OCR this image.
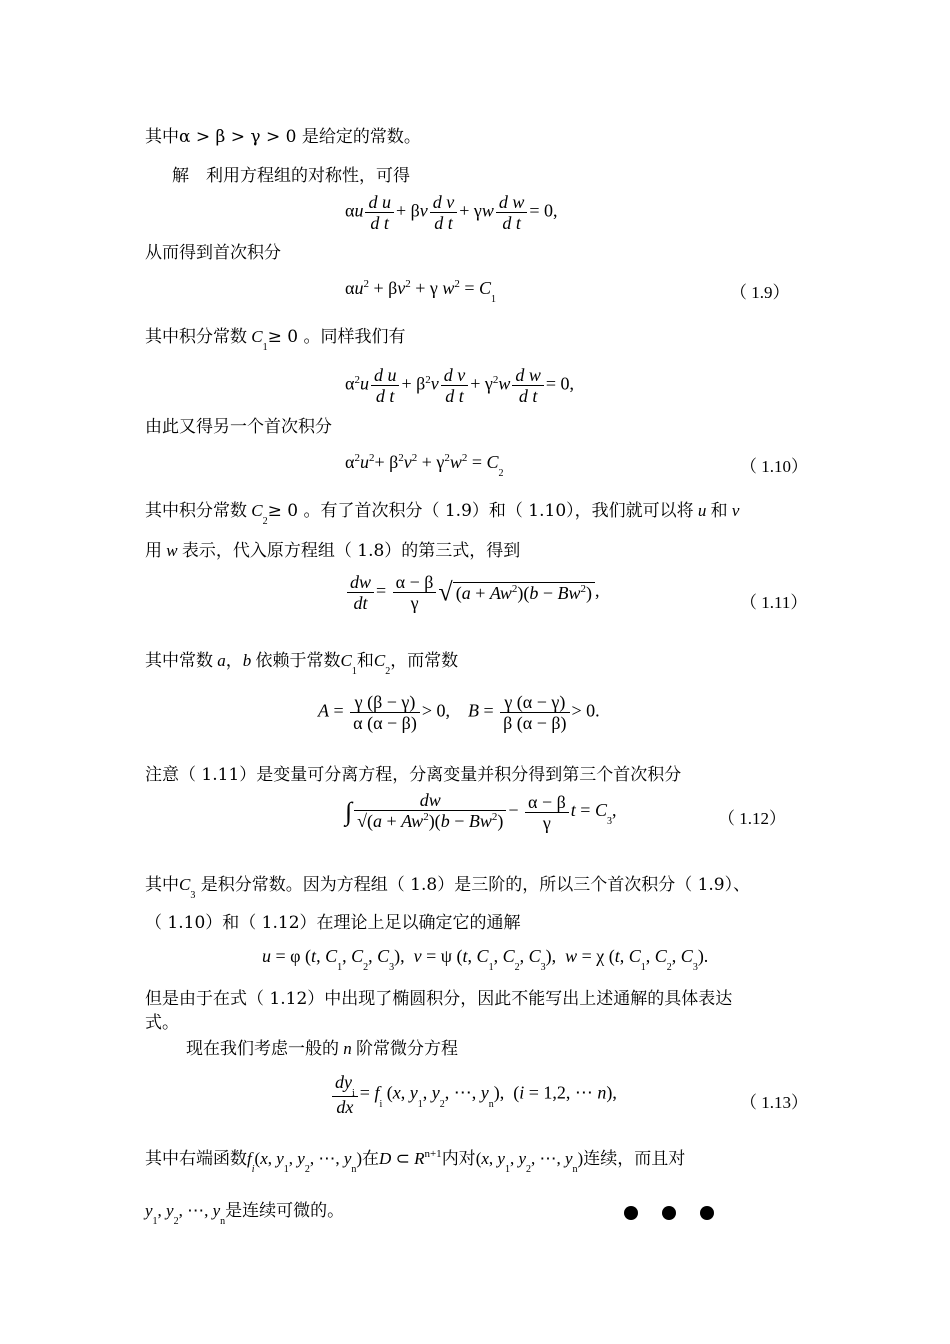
其中α > β > γ > 0 是给定的常数。
解　利用方程组的对称性，可得
αu $\frac{\text{d u}}{\text{d t}} + \beta v \frac{\text{d v}}{\text{d t}} + \gamma w \frac{\text{d w}}{\text{d t}} = 0$,
从而得到首次积分
$\alpha u^2 + \beta v^2 + \gamma$ $w^2 = C_1$	（ 1.9）
其中积分常数 $C_1\ge 0$ 。同样我们有
$\alpha^2u \frac{\text{d u}}{\text{d t}} + \beta^2v \frac{\text{d v}}{\text{d t}} + \gamma^2w \frac{\text{d w}}{\text{d t}} = 0$,
由此又得另一个首次积分
$\alpha^2u^2+ \beta^2v^2 + \gamma^2w^2 = C_2$	（ 1.10）
其中积分常数 $C_2\ge 0$ 。有了首次积分（ 1.9）和（ 1.10），我们就可以将 u 和 v
用 w 表示，代入原方程组（ 1.8）的第三式，得到
$\frac{dw}{dt} = \frac{\alpha - \beta}{\gamma}$ √ $(a + Aw^2)(b - Bw^2)$ ,
（ 1.11）
其中常数 a，b 依赖于常数$C_1$和$C_2$，而常数
$A = \frac{\gamma (\beta - \gamma)}{\alpha (\alpha - \beta)} > 0$,    $B = \frac{\gamma (\alpha - \gamma)}{\beta (\alpha - \beta)} > 0$.
注意（ 1.11）是变量可分离方程，分离变量并积分得到第三个首次积分
∫ $\frac{dw}{√(a + Aw^2)(b - Bw^2)} - \frac{\alpha - \beta}{\gamma}$ $t = C_3$,	（ 1.12）
其中$C_3$ 是积分常数。因为方程组（ 1.8）是三阶的，所以三个首次积分（ 1.9）、
（ 1.10）和（ 1.12）在理论上足以确定它的通解
u = φ (t, $C_1$, $C_2$, $C_3$),  v = ψ (t, $C_1$, $C_2$, $C_3$),  w = χ (t, $C_1$, $C_2$, $C_3$).
但是由于在式（ 1.12）中出现了椭圆积分，因此不能写出上述通解的具体表达
式。
现在我们考虑一般的 n 阶常微分方程
$\frac{dy_i}{dx} = f_i$ (x, $y_1$, $y_2$, ⋯, $y_n$),  (i = 1,2, ⋯ n),	（ 1.13）
其中右端函数$f_i(x$, $y_1$, $y_2$, ⋯, $y_n$)在D ⊂ $R^{n+1}$内对(x, $y_1$, $y_2$, ⋯, $y_n$)连续，而且对
$y_1$, $y_2$, ⋯, $y_n$是连续可微的。
